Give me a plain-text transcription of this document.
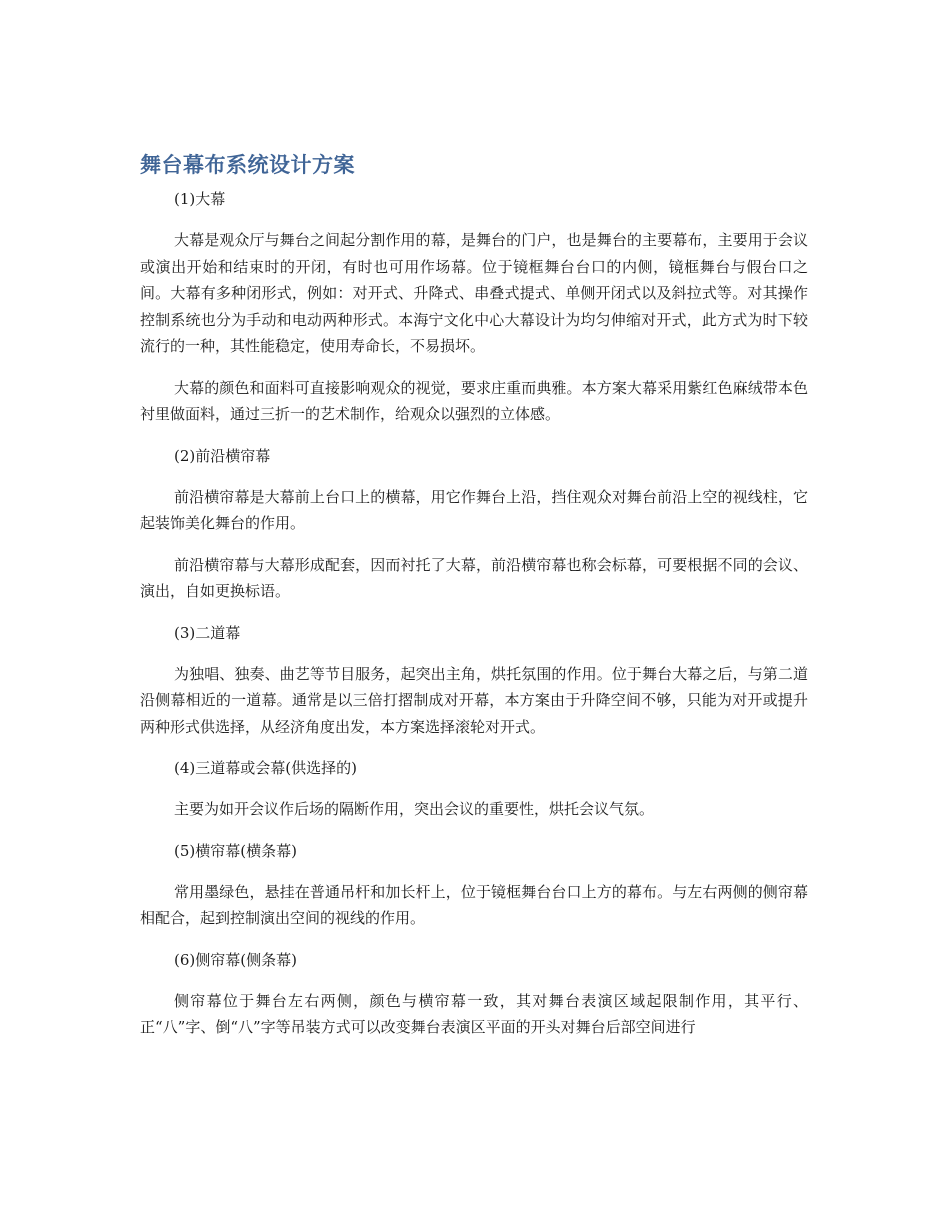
舞台幕布系统设计方案

(1)大幕

大幕是观众厅与舞台之间起分割作用的幕，是舞台的门户，也是舞台的主要幕布，主要用于会议或演出开始和结束时的开闭，有时也可用作场幕。位于镜框舞台台口的内侧，镜框舞台与假台口之间。大幕有多种闭形式，例如：对开式、升降式、串叠式提式、单侧开闭式以及斜拉式等。对其操作控制系统也分为手动和电动两种形式。本海宁文化中心大幕设计为均匀伸缩对开式，此方式为时下较流行的一种，其性能稳定，使用寿命长，不易损坏。

大幕的颜色和面料可直接影响观众的视觉，要求庄重而典雅。本方案大幕采用紫红色麻绒带本色衬里做面料，通过三折一的艺术制作，给观众以强烈的立体感。

(2)前沿横帘幕

前沿横帘幕是大幕前上台口上的横幕，用它作舞台上沿，挡住观众对舞台前沿上空的视线柱，它起装饰美化舞台的作用。

前沿横帘幕与大幕形成配套，因而衬托了大幕，前沿横帘幕也称会标幕，可要根据不同的会议、演出，自如更换标语。

(3)二道幕

为独唱、独奏、曲艺等节目服务，起突出主角，烘托氛围的作用。位于舞台大幕之后，与第二道沿侧幕相近的一道幕。通常是以三倍打摺制成对开幕，本方案由于升降空间不够，只能为对开或提升两种形式供选择，从经济角度出发，本方案选择滚轮对开式。

(4)三道幕或会幕(供选择的)

主要为如开会议作后场的隔断作用，突出会议的重要性，烘托会议气氛。

(5)横帘幕(横条幕)

常用墨绿色，悬挂在普通吊杆和加长杆上，位于镜框舞台台口上方的幕布。与左右两侧的侧帘幕相配合，起到控制演出空间的视线的作用。

(6)侧帘幕(侧条幕)

侧帘幕位于舞台左右两侧，颜色与横帘幕一致，其对舞台表演区域起限制作用，其平行、正“八”字、倒“八”字等吊装方式可以改变舞台表演区平面的开头对舞台后部空间进行
